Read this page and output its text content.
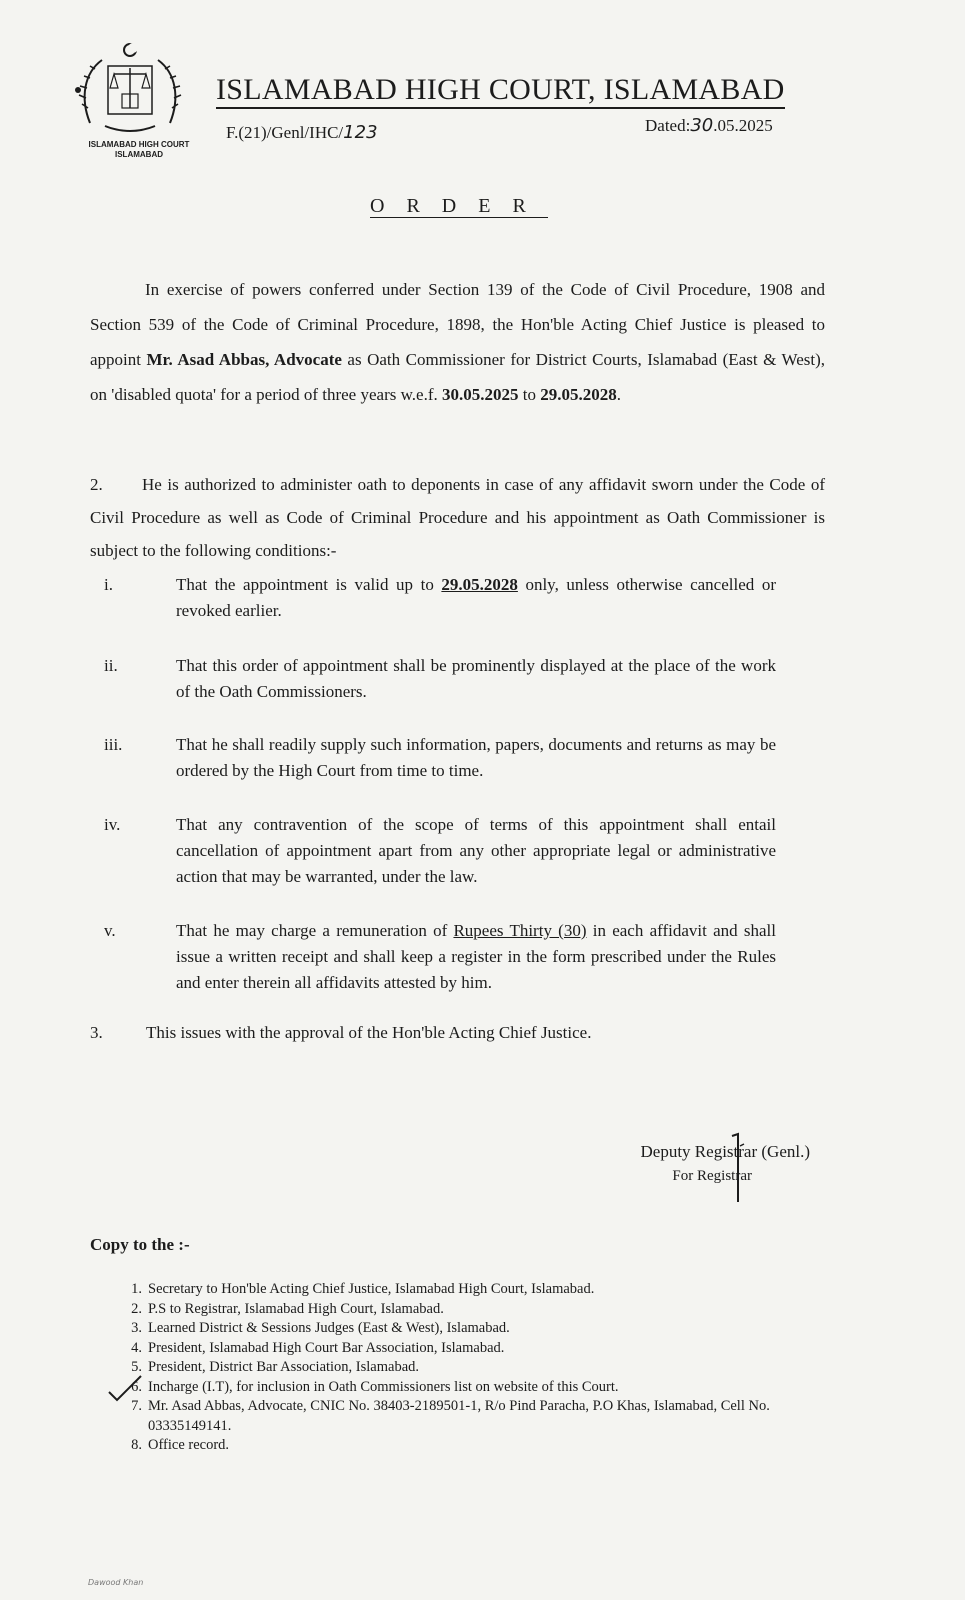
ISLAMABAD HIGH COURT
ISLAMABAD
ISLAMABAD HIGH COURT, ISLAMABAD
F.(21)/Genl/IHC/123	Dated:30.05.2025
ORDER
In exercise of powers conferred under Section 139 of the Code of Civil Procedure, 1908 and Section 539 of the Code of Criminal Procedure, 1898, the Hon'ble Acting Chief Justice is pleased to appoint Mr. Asad Abbas, Advocate as Oath Commissioner for District Courts, Islamabad (East & West), on 'disabled quota' for a period of three years w.e.f. 30.05.2025 to 29.05.2028.
2. He is authorized to administer oath to deponents in case of any affidavit sworn under the Code of Civil Procedure as well as Code of Criminal Procedure and his appointment as Oath Commissioner is subject to the following conditions:-
i.	That the appointment is valid up to 29.05.2028 only, unless otherwise cancelled or revoked earlier.
ii.	That this order of appointment shall be prominently displayed at the place of the work of the Oath Commissioners.
iii.	That he shall readily supply such information, papers, documents and returns as may be ordered by the High Court from time to time.
iv.	That any contravention of the scope of terms of this appointment shall entail cancellation of appointment apart from any other appropriate legal or administrative action that may be warranted, under the law.
v.	That he may charge a remuneration of Rupees Thirty (30) in each affidavit and shall issue a written receipt and shall keep a register in the form prescribed under the Rules and enter therein all affidavits attested by him.
3.	This issues with the approval of the Hon'ble Acting Chief Justice.
Deputy Registrar (Genl.)
For Registrar
Copy to the :-
1. Secretary to Hon'ble Acting Chief Justice, Islamabad High Court, Islamabad.
2. P.S to Registrar, Islamabad High Court, Islamabad.
3. Learned District & Sessions Judges (East & West), Islamabad.
4. President, Islamabad High Court Bar Association, Islamabad.
5. President, District Bar Association, Islamabad.
6. Incharge (I.T), for inclusion in Oath Commissioners list on website of this Court.
7. Mr. Asad Abbas, Advocate, CNIC No. 38403-2189501-1, R/o Pind Paracha, P.O Khas, Islamabad, Cell No. 03335149141.
8. Office record.
Dawood Khan
